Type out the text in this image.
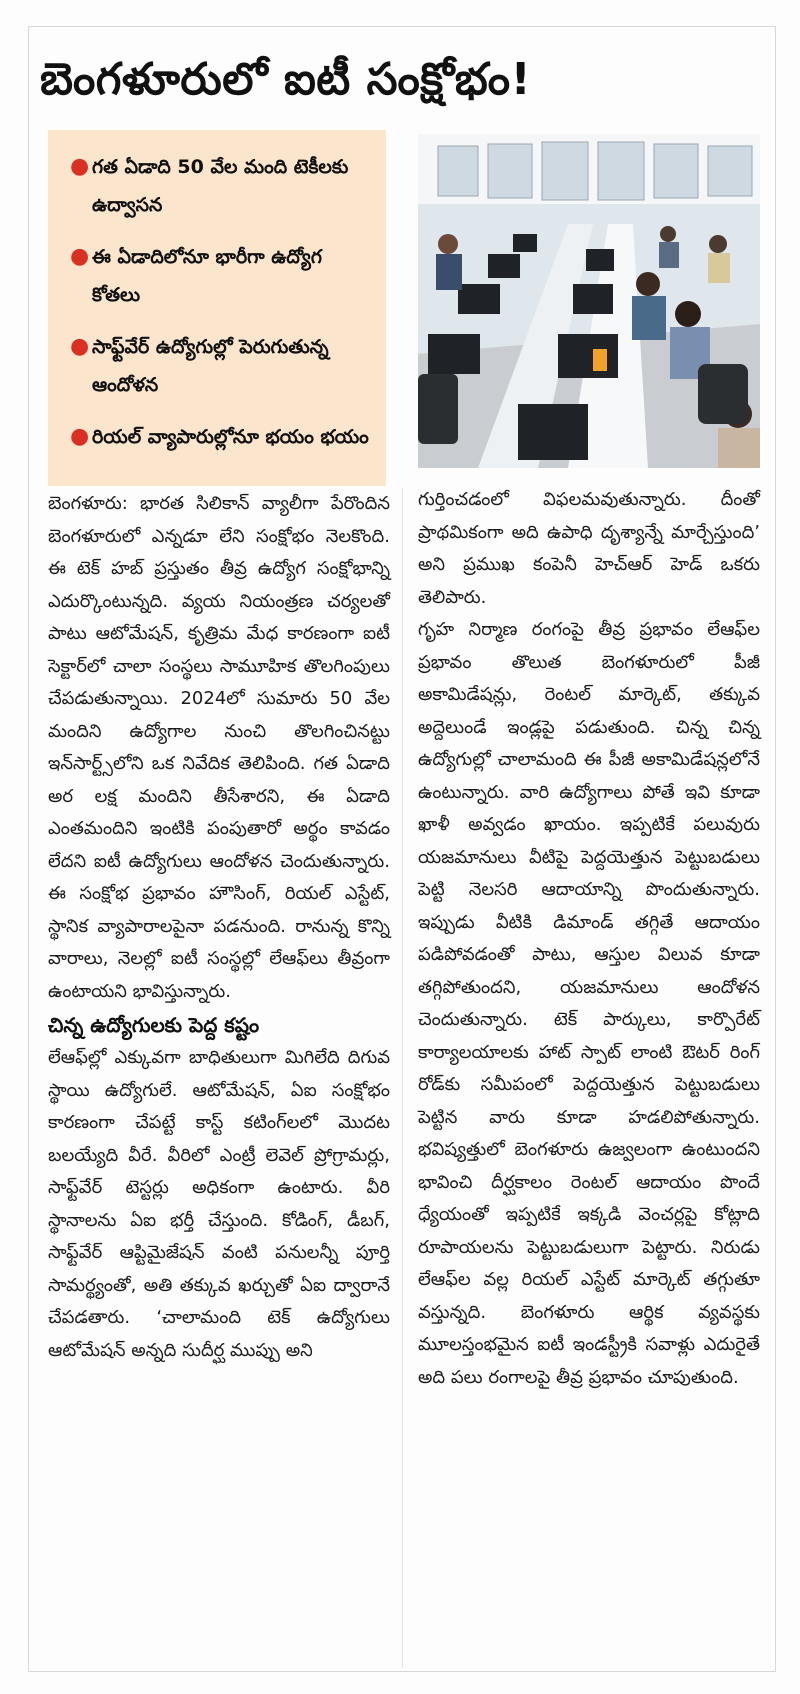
బెంగళూరులో ఐటీ సంక్షోభం!
● గత ఏడాది 50 వేల మంది టెకీలకు ఉద్వాసన
● ఈ ఏడాదిలోనూ భారీగా ఉద్యోగ కోతలు
● సాఫ్ట్‌వేర్ ఉద్యోగుల్లో పెరుగుతున్న ఆందోళన
● రియల్ వ్యాపారుల్లోనూ భయం భయం

బెంగళూరు: భారత సిలికాన్ వ్యాలీగా పేరొందిన బెంగళూరులో ఎన్నడూ లేని సంక్షోభం నెలకొంది. ఈ టెక్ హబ్ ప్రస్తుతం తీవ్ర ఉద్యోగ సంక్షోభాన్ని ఎదుర్కొంటున్నది. వ్యయ నియంత్రణ చర్యలతో పాటు ఆటోమేషన్, కృత్రిమ మేధ కారణంగా ఐటీ సెక్టార్‌లో చాలా సంస్థలు సామూహిక తొలగింపులు చేపడుతున్నాయి. 2024లో సుమారు 50 వేల మందిని ఉద్యోగాల నుంచి తొలగించినట్టు ఇన్‌సార్ట్స్‌లోని ఒక నివేదిక తెలిపింది. గత ఏడాది అర లక్ష మందిని తీసేశారని, ఈ ఏడాది ఎంతమందిని ఇంటికి పంపుతారో అర్థం కావడం లేదని ఐటీ ఉద్యోగులు ఆందోళన చెందుతున్నారు. ఈ సంక్షోభ ప్రభావం హౌసింగ్, రియల్ ఎస్టేట్, స్థానిక వ్యాపారాలపైనా పడనుంది. రానున్న కొన్ని వారాలు, నెలల్లో ఐటీ సంస్థల్లో లేఆఫ్‌లు తీవ్రంగా ఉంటాయని భావిస్తున్నారు.

చిన్న ఉద్యోగులకు పెద్ద కష్టం

లేఆఫ్‌ల్లో ఎక్కువగా బాధితులుగా మిగిలేది దిగువ స్థాయి ఉద్యోగులే. ఆటోమేషన్, ఏఐ సంక్షోభం కారణంగా చేపట్టే కాస్ట్ కటింగ్‌లలో మొదట బలయ్యేది వీరే. వీరిలో ఎంట్రీ లెవెల్ ప్రోగ్రామర్లు, సాఫ్ట్‌వేర్ టెస్టర్లు అధికంగా ఉంటారు. వీరి స్థానాలను ఏఐ భర్తీ చేస్తుంది. కోడింగ్, డీబగ్, సాఫ్ట్‌వేర్ ఆప్టిమైజేషన్ వంటి పనులన్నీ పూర్తి సామర్థ్యంతో, అతి తక్కువ ఖర్చుతో ఏఐ ద్వారానే చేపడతారు. ‘చాలామంది టెక్ ఉద్యోగులు ఆటోమేషన్ అన్నది సుదీర్ఘ ముప్పు అని

గుర్తించడంలో విఫలమవుతున్నారు. దీంతో ప్రాథమికంగా అది ఉపాధి దృశ్యాన్నే మార్చేస్తుంది’ అని ప్రముఖ కంపెనీ హెచ్‌ఆర్ హెడ్ ఒకరు తెలిపారు.

గృహ నిర్మాణ రంగంపై తీవ్ర ప్రభావం లేఆఫ్‌ల ప్రభావం తొలుత బెంగళూరులో పీజీ అకామిడేషన్లు, రెంటల్ మార్కెట్, తక్కువ అద్దెలుండే ఇండ్లపై పడుతుంది. చిన్న చిన్న ఉద్యోగుల్లో చాలామంది ఈ పీజీ అకామిడేషన్లలోనే ఉంటున్నారు. వారి ఉద్యోగాలు పోతే ఇవి కూడా ఖాళీ అవ్వడం ఖాయం. ఇప్పటికే పలువురు యజమానులు వీటిపై పెద్దయెత్తున పెట్టుబడులు పెట్టి నెలసరి ఆదాయాన్ని పొందుతున్నారు. ఇప్పుడు వీటికి డిమాండ్ తగ్గితే ఆదాయం పడిపోవడంతో పాటు, ఆస్తుల విలువ కూడా తగ్గిపోతుందని, యజమానులు ఆందోళన చెందుతున్నారు. టెక్ పార్కులు, కార్పొరేట్ కార్యాలయాలకు హాట్ స్పాట్ లాంటి ఔటర్ రింగ్ రోడ్‌కు సమీపంలో పెద్దయెత్తున పెట్టుబడులు పెట్టిన వారు కూడా హడలిపోతున్నారు. భవిష్యత్తులో బెంగళూరు ఉజ్వలంగా ఉంటుందని భావించి దీర్ఘకాలం రెంటల్ ఆదాయం పొందే ధ్యేయంతో ఇప్పటికే ఇక్కడి వెంచర్లపై కోట్లాది రూపాయలను పెట్టుబడులుగా పెట్టారు. నిరుడు లేఆఫ్‌ల వల్ల రియల్ ఎస్టేట్ మార్కెట్ తగ్గుతూ వస్తున్నది. బెంగళూరు ఆర్థిక వ్యవస్థకు మూలస్తంభమైన ఐటీ ఇండస్ట్రీకి సవాళ్లు ఎదురైతే అది పలు రంగాలపై తీవ్ర ప్రభావం చూపుతుంది.
